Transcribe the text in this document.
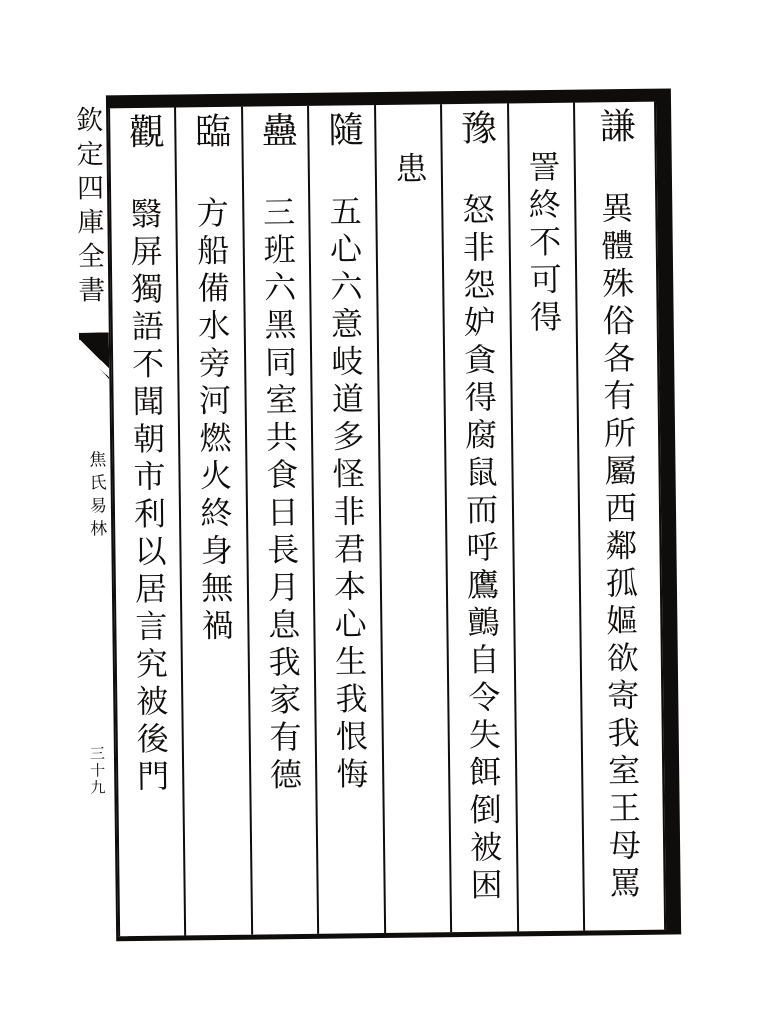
欽定四庫全書
焦氏易林
三十九
謙異體殊俗各有所屬西鄰孤嫗欲寄我室王母罵
詈終不可得
豫怒非怨妒貪得腐鼠而呼鷹鸇自令失餌倒被困
患
隨五心六意岐道多怪非君本心生我恨悔
蠱三班六黑同室共食日長月息我家有德
臨方船備水旁河燃火終身無禍
觀翳屏獨語不聞朝市利以居言究被後門
